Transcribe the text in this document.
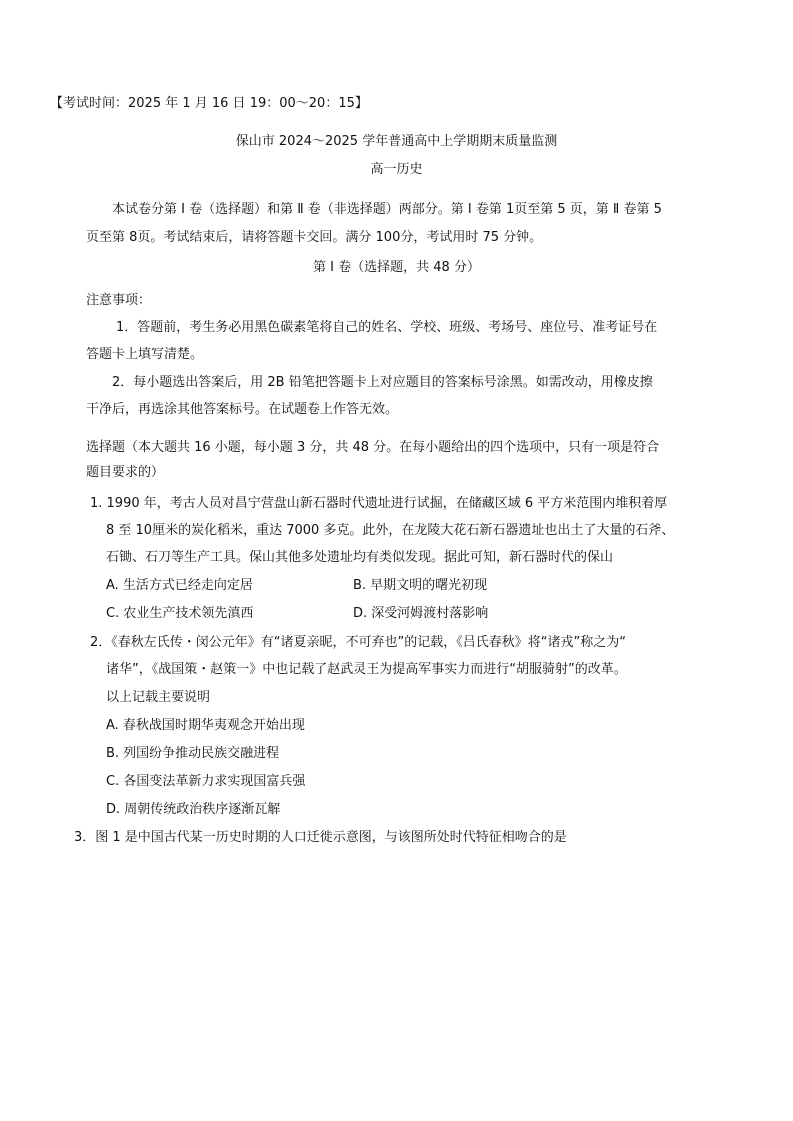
【考试时间：2025 年 1 月 16 日 19：00～20：15】
保山市 2024～2025 学年普通高中上学期期末质量监测
高一历史
本试卷分第 Ⅰ 卷（选择题）和第 Ⅱ 卷（非选择题）两部分。第 Ⅰ 卷第 1页至第 5 页，第 Ⅱ 卷第 5
页至第 8页。考试结束后，请将答题卡交回。满分 100分，考试用时 75 分钟。
第 Ⅰ 卷（选择题，共 48 分）
注意事项：
1．答题前，考生务必用黑色碳素笔将自己的姓名、学校、班级、考场号、座位号、准考证号在
答题卡上填写清楚。
2．每小题选出答案后，用 2B 铅笔把答题卡上对应题目的答案标号涂黑。如需改动，用橡皮擦
干净后，再选涂其他答案标号。在试题卷上作答无效。
选择题（本大题共 16 小题，每小题 3 分，共 48 分。在每小题给出的四个选项中，只有一项是符合
题目要求的）
1. 1990 年，考古人员对昌宁营盘山新石器时代遗址进行试掘，在储藏区域 6 平方米范围内堆积着厚
8 至 10厘米的炭化稻米，重达 7000 多克。此外，在龙陵大花石新石器遗址也出土了大量的石斧、
石锄、石刀等生产工具。保山其他多处遗址均有类似发现。据此可知，新石器时代的保山
A. 生活方式已经走向定居	B. 早期文明的曙光初现
C. 农业生产技术领先滇西	D. 深受河姆渡村落影响
2．《春秋左氏传・闵公元年》有“诸夏亲昵，不可弃也”的记载，《吕氏春秋》将“诸戎”称之为“
诸华”，《战国策・赵策一》中也记载了赵武灵王为提高军事实力而进行“胡服骑射”的改革。
以上记载主要说明
A. 春秋战国时期华夷观念开始出现
B. 列国纷争推动民族交融进程
C. 各国变法革新力求实现国富兵强
D. 周朝传统政治秩序逐渐瓦解
3．图 1 是中国古代某一历史时期的人口迁徙示意图，与该图所处时代特征相吻合的是
